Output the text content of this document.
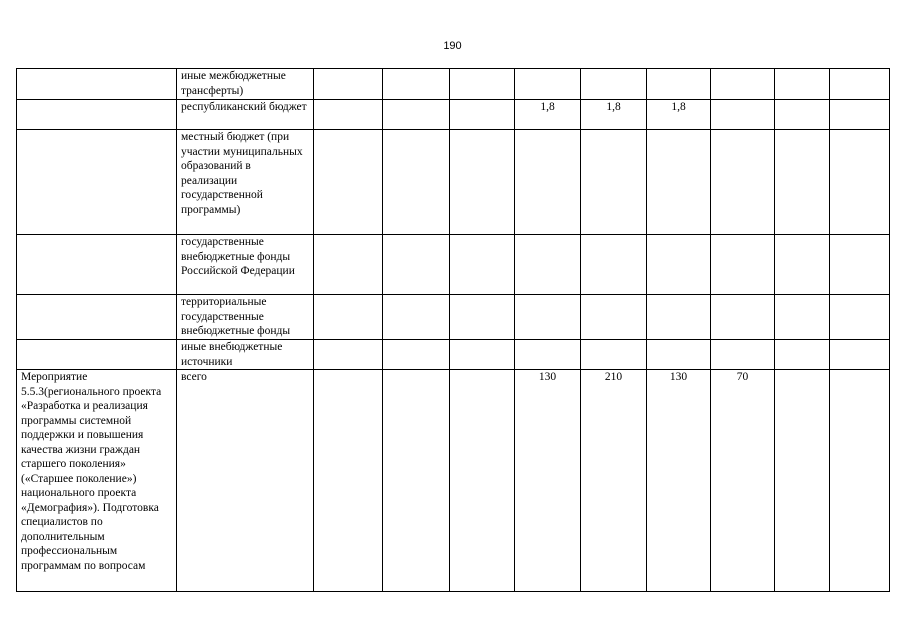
190
	иные межбюджетные трансферты)									
	республиканский бюджет				1,8	1,8	1,8			
	местный бюджет (при участии муниципальных образований в реализации государственной программы)									
	государственные внебюджетные фонды Российской Федерации									
	территориальные государственные внебюджетные фонды									
	иные внебюджетные источники									
Мероприятие 5.5.3(регионального проекта «Разработка и реализация программы системной поддержки и повышения качества жизни граждан старшего поколения» («Старшее поколение») национального проекта «Демография»). Подготовка специалистов по дополнительным профессиональным программам по вопросам	всего				130	210	130	70		
